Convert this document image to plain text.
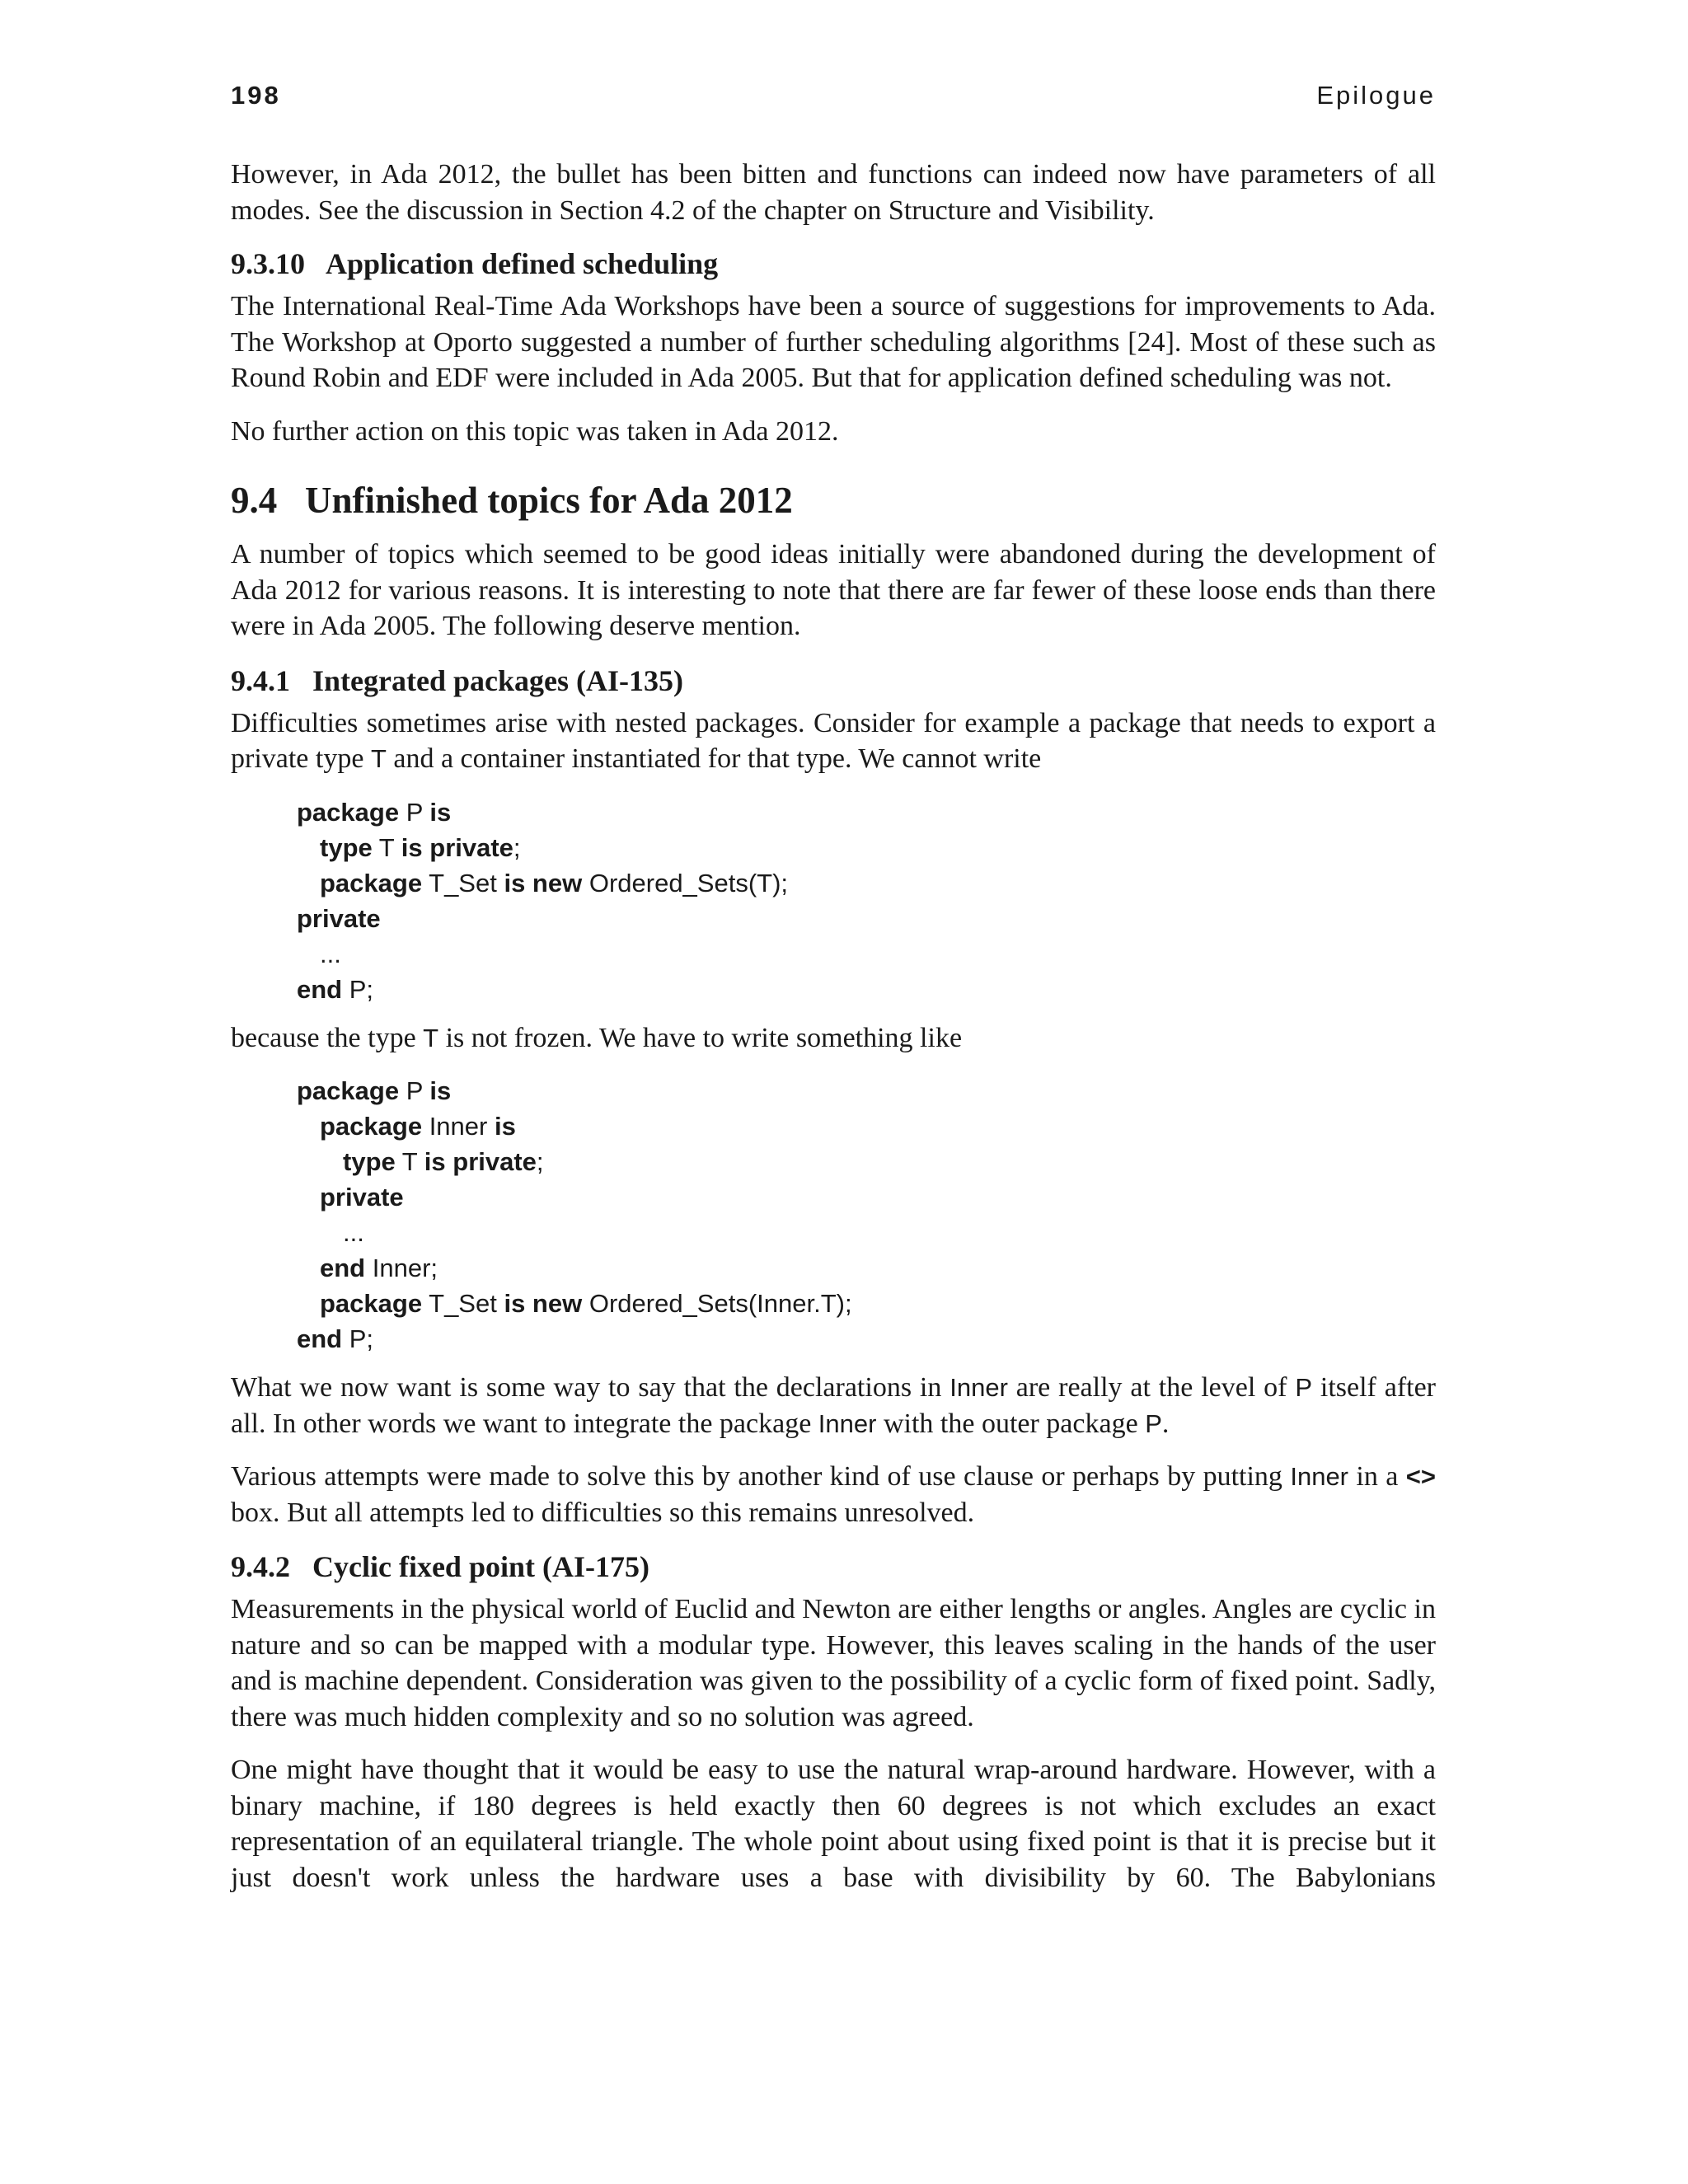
198	Epilogue

However, in Ada 2012, the bullet has been bitten and functions can indeed now have parameters of all modes. See the discussion in Section 4.2 of the chapter on Structure and Visibility.

9.3.10   Application defined scheduling

The International Real-Time Ada Workshops have been a source of suggestions for improvements to Ada. The Workshop at Oporto suggested a number of further scheduling algorithms [24]. Most of these such as Round Robin and EDF were included in Ada 2005. But that for application defined scheduling was not.

No further action on this topic was taken in Ada 2012.

9.4   Unfinished topics for Ada 2012

A number of topics which seemed to be good ideas initially were abandoned during the development of Ada 2012 for various reasons. It is interesting to note that there are far fewer of these loose ends than there were in Ada 2005. The following deserve mention.

9.4.1   Integrated packages (AI-135)

Difficulties sometimes arise with nested packages. Consider for example a package that needs to export a private type T and a container instantiated for that type. We cannot write

package P is
type T is private;
package T_Set is new Ordered_Sets(T);
private
...
end P;

because the type T is not frozen. We have to write something like

package P is
package Inner is
type T is private;
private
...
end Inner;
package T_Set is new Ordered_Sets(Inner.T);
end P;

What we now want is some way to say that the declarations in Inner are really at the level of P itself after all. In other words we want to integrate the package Inner with the outer package P.

Various attempts were made to solve this by another kind of use clause or perhaps by putting Inner in a <> box. But all attempts led to difficulties so this remains unresolved.

9.4.2   Cyclic fixed point (AI-175)

Measurements in the physical world of Euclid and Newton are either lengths or angles. Angles are cyclic in nature and so can be mapped with a modular type. However, this leaves scaling in the hands of the user and is machine dependent. Consideration was given to the possibility of a cyclic form of fixed point. Sadly, there was much hidden complexity and so no solution was agreed.

One might have thought that it would be easy to use the natural wrap-around hardware. However, with a binary machine, if 180 degrees is held exactly then 60 degrees is not which excludes an exact representation of an equilateral triangle. The whole point about using fixed point is that it is precise but it just doesn't work unless the hardware uses a base with divisibility by 60. The Babylonians
